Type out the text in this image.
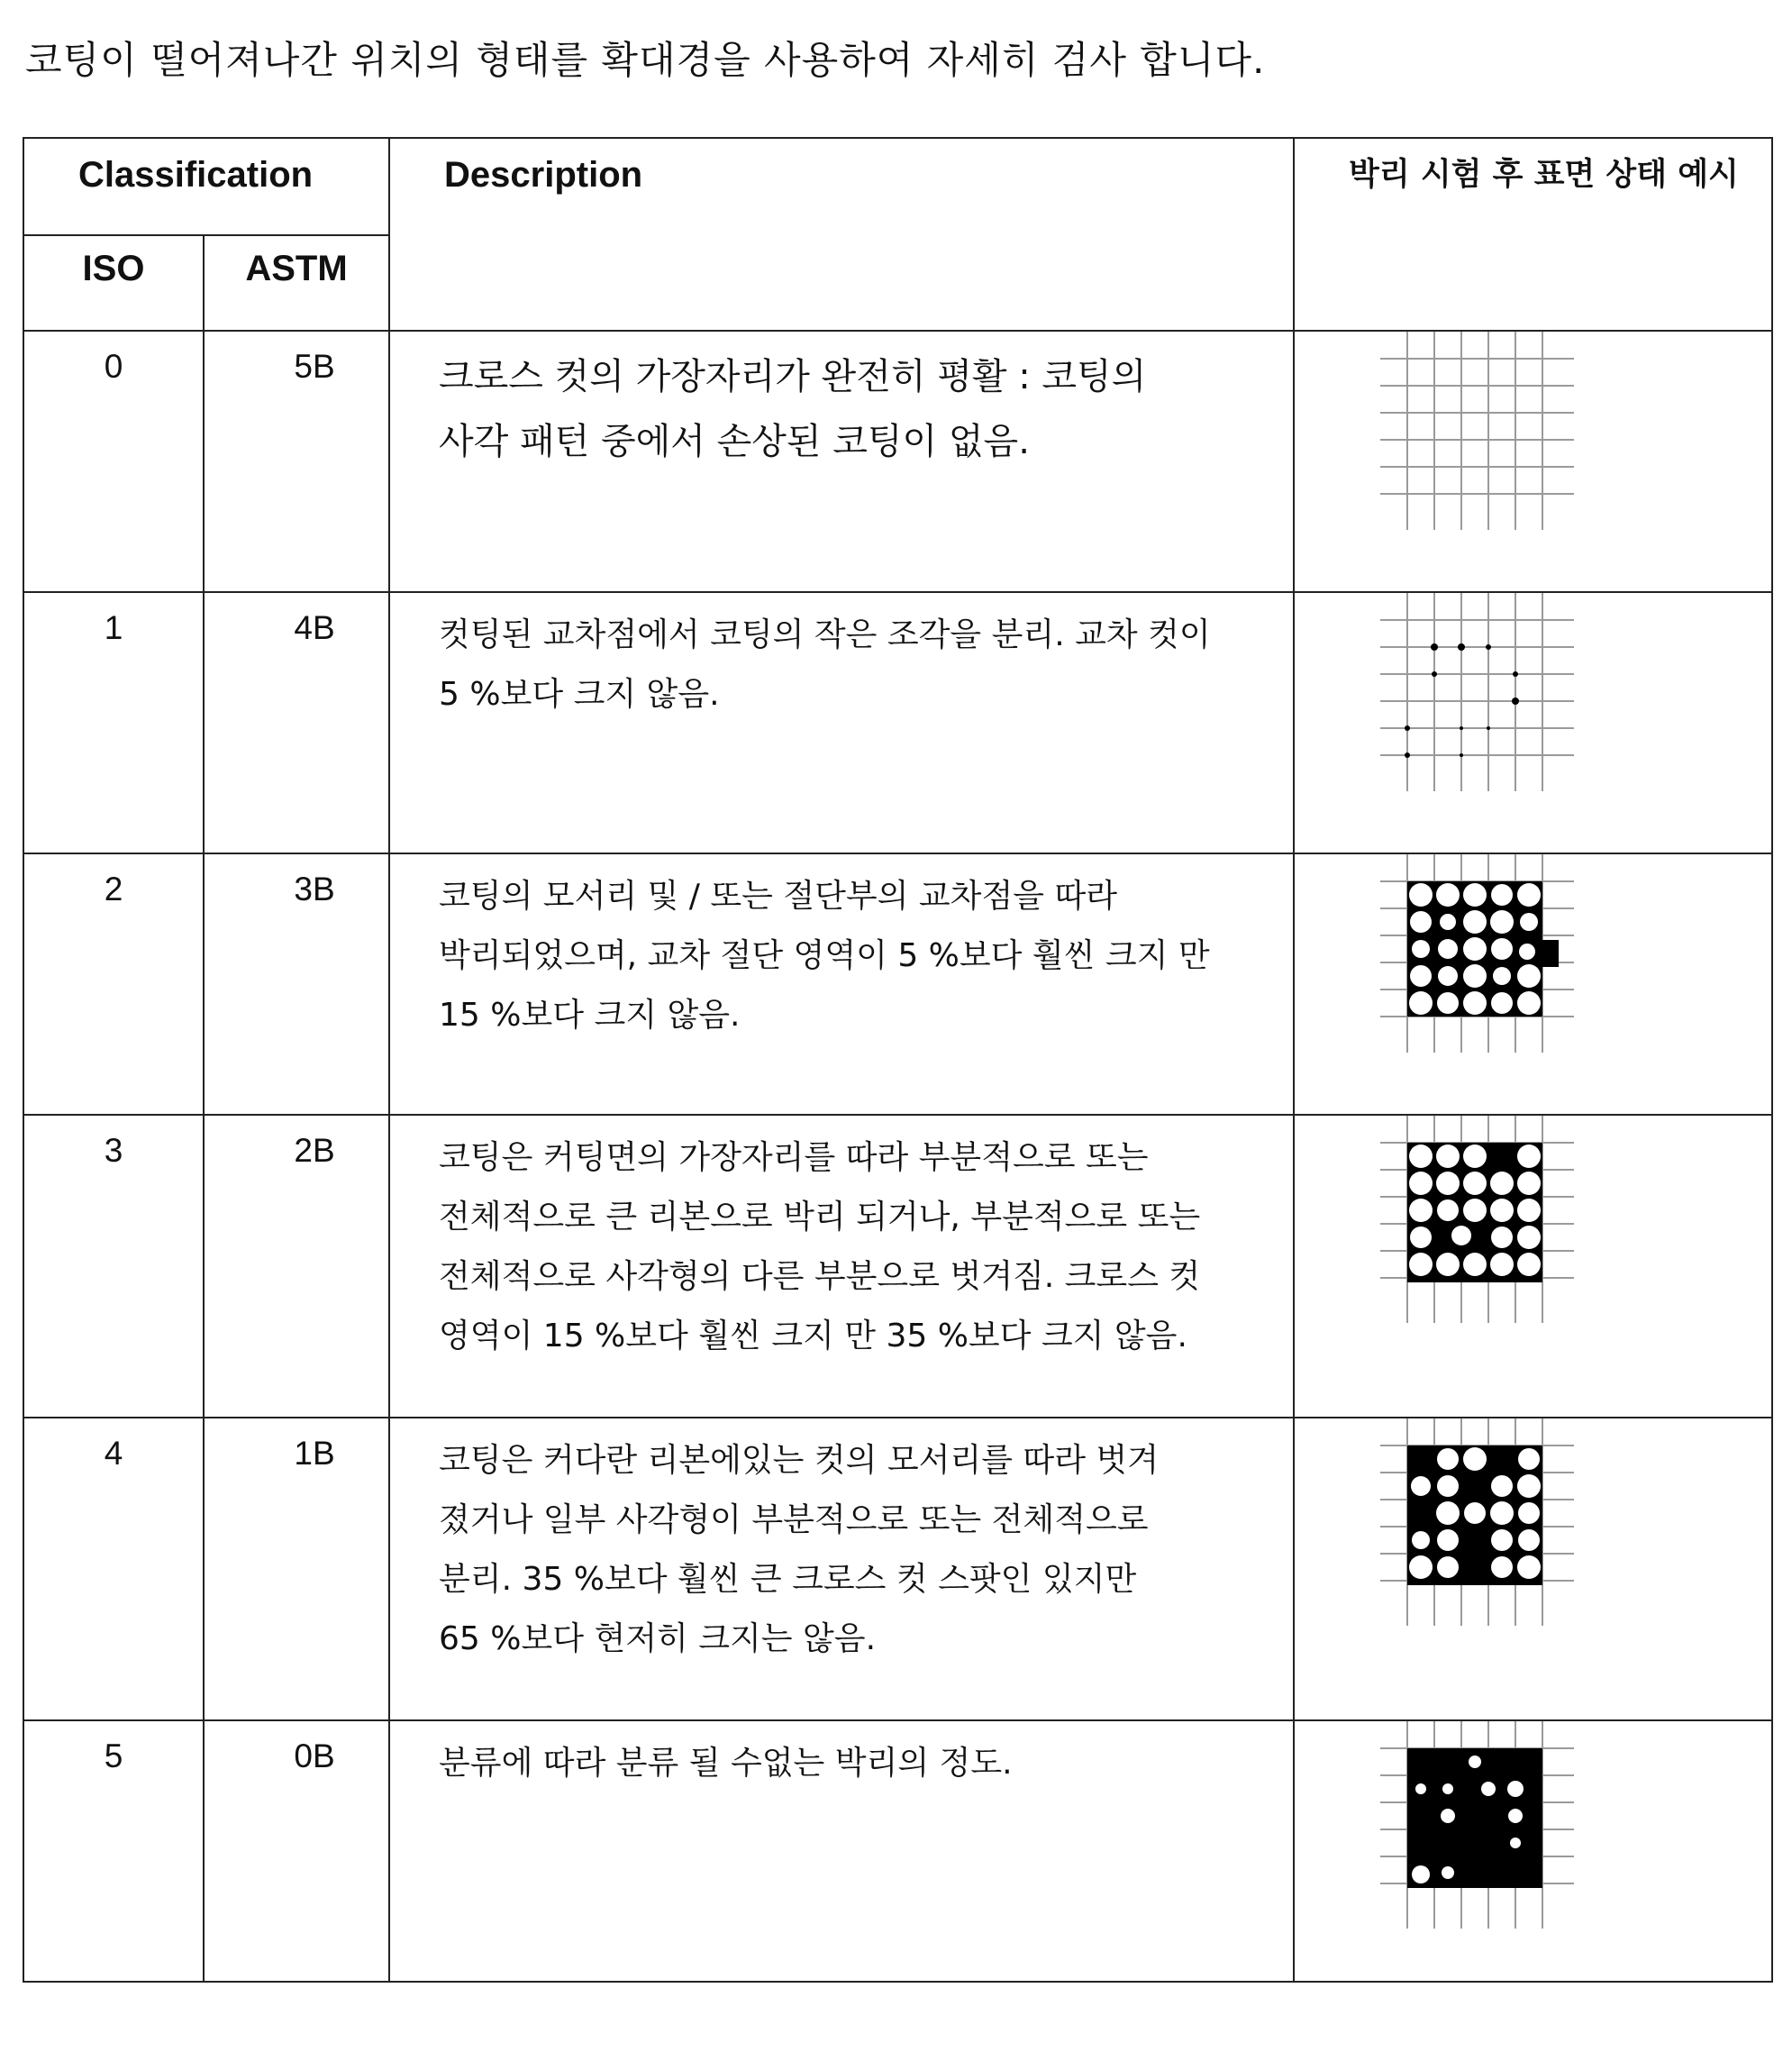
코팅이 떨어져나간 위치의 형태를 확대경을 사용하여 자세히 검사 합니다.
Classification		Description	박리 시험 후 표면 상태 예시

ISO	ASTM		

0	5B	크로스 컷의 가장자리가 완전히 평활 : 코팅의
사각 패턴 중에서 손상된 코팅이 없음.

1	4B	컷팅된 교차점에서 코팅의 작은 조각을 분리. 교차 컷이
5 %보다 크지 않음.

2	3B	코팅의 모서리 및 / 또는 절단부의 교차점을 따라
박리되었으며, 교차 절단 영역이 5 %보다 훨씬 크지 만
15 %보다 크지 않음.

3	2B	코팅은 커팅면의 가장자리를 따라 부분적으로 또는
전체적으로 큰 리본으로 박리 되거나, 부분적으로 또는
전체적으로 사각형의 다른 부분으로 벗겨짐. 크로스 컷
영역이 15 %보다 훨씬 크지 만 35 %보다 크지 않음.

4	1B	코팅은 커다란 리본에있는 컷의 모서리를 따라 벗겨
졌거나 일부 사각형이 부분적으로 또는 전체적으로
분리. 35 %보다 훨씬 큰 크로스 컷 스팟인 있지만
65 %보다 현저히 크지는 않음.

5	0B	분류에 따라 분류 될 수없는 박리의 정도.
